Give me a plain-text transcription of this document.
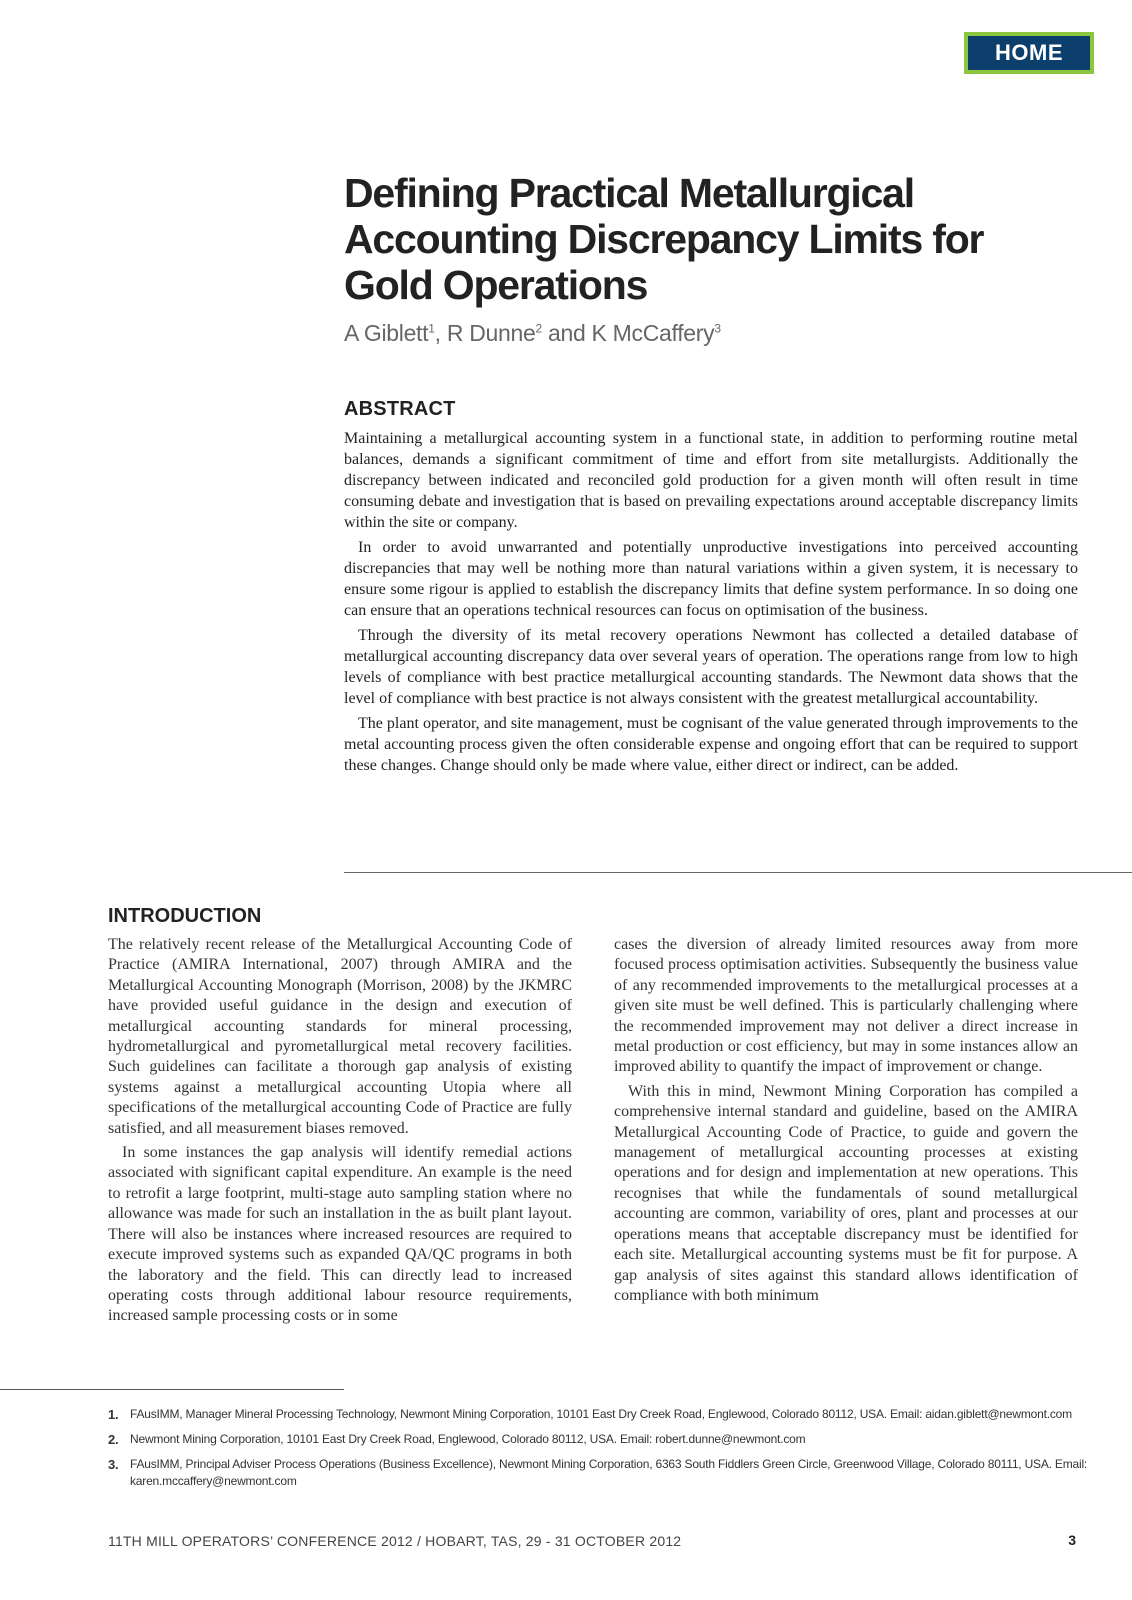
HOME
Defining Practical Metallurgical
Accounting Discrepancy Limits for
Gold Operations

A Giblett$^1$, R Dunne$^2$ and K McCaffery$^3$

ABSTRACT

Maintaining a metallurgical accounting system in a functional state, in addition to performing routine metal balances, demands a significant commitment of time and effort from site metallurgists. Additionally the discrepancy between indicated and reconciled gold production for a given month will often result in time consuming debate and investigation that is based on prevailing expectations around acceptable discrepancy limits within the site or company.

In order to avoid unwarranted and potentially unproductive investigations into perceived accounting discrepancies that may well be nothing more than natural variations within a given system, it is necessary to ensure some rigour is applied to establish the discrepancy limits that define system performance. In so doing one can ensure that an operations technical resources can focus on optimisation of the business.

Through the diversity of its metal recovery operations Newmont has collected a detailed database of metallurgical accounting discrepancy data over several years of operation. The operations range from low to high levels of compliance with best practice metallurgical accounting standards. The Newmont data shows that the level of compliance with best practice is not always consistent with the greatest metallurgical accountability.

The plant operator, and site management, must be cognisant of the value generated through improvements to the metal accounting process given the often considerable expense and ongoing effort that can be required to support these changes. Change should only be made where value, either direct or indirect, can be added.

INTRODUCTION

The relatively recent release of the Metallurgical Accounting Code of Practice (AMIRA International, 2007) through AMIRA and the Metallurgical Accounting Monograph (Morrison, 2008) by the JKMRC have provided useful guidance in the design and execution of metallurgical accounting standards for mineral processing, hydrometallurgical and pyrometallurgical metal recovery facilities. Such guidelines can facilitate a thorough gap analysis of existing systems against a metallurgical accounting Utopia where all specifications of the metallurgical accounting Code of Practice are fully satisfied, and all measurement biases removed.

In some instances the gap analysis will identify remedial actions associated with significant capital expenditure. An example is the need to retrofit a large footprint, multi-stage auto sampling station where no allowance was made for such an installation in the as built plant layout. There will also be instances where increased resources are required to execute improved systems such as expanded QA/QC programs in both the laboratory and the field. This can directly lead to increased operating costs through additional labour resource requirements, increased sample processing costs or in some

cases the diversion of already limited resources away from more focused process optimisation activities. Subsequently the business value of any recommended improvements to the metallurgical processes at a given site must be well defined. This is particularly challenging where the recommended improvement may not deliver a direct increase in metal production or cost efficiency, but may in some instances allow an improved ability to quantify the impact of improvement or change.

With this in mind, Newmont Mining Corporation has compiled a comprehensive internal standard and guideline, based on the AMIRA Metallurgical Accounting Code of Practice, to guide and govern the management of metallurgical accounting processes at existing operations and for design and implementation at new operations. This recognises that while the fundamentals of sound metallurgical accounting are common, variability of ores, plant and processes at our operations means that acceptable discrepancy must be identified for each site. Metallurgical accounting systems must be fit for purpose. A gap analysis of sites against this standard allows identification of compliance with both minimum

1. FAusIMM, Manager Mineral Processing Technology, Newmont Mining Corporation, 10101 East Dry Creek Road, Englewood, Colorado 80112, USA. Email: aidan.giblett@newmont.com
2. Newmont Mining Corporation, 10101 East Dry Creek Road, Englewood, Colorado 80112, USA. Email: robert.dunne@newmont.com
3. FAusIMM, Principal Adviser Process Operations (Business Excellence), Newmont Mining Corporation, 6363 South Fiddlers Green Circle, Greenwood Village, Colorado 80111, USA. Email: karen.mccaffery@newmont.com
11TH MILL OPERATORS’ CONFERENCE 2012 / HOBART, TAS, 29 - 31 OCTOBER 2012	3
